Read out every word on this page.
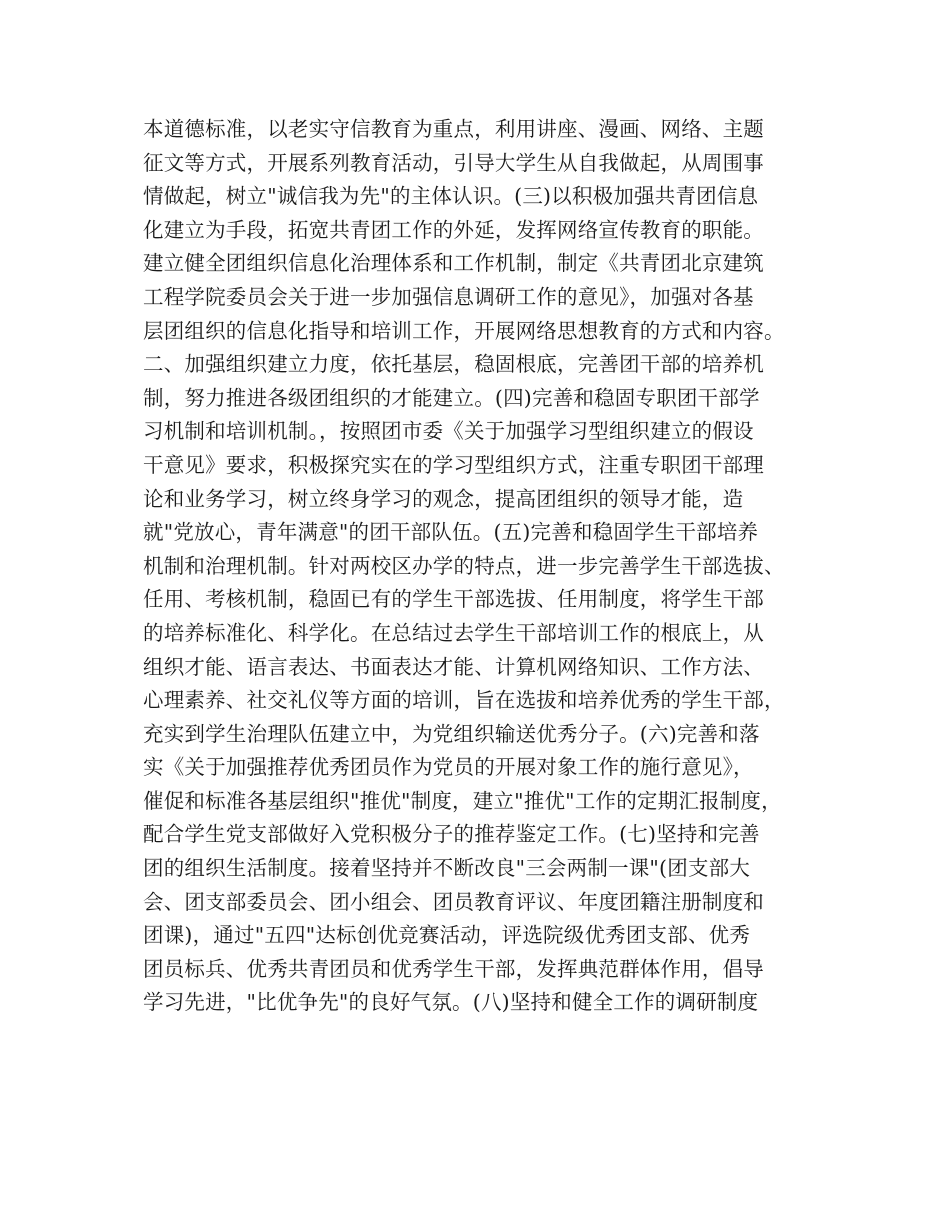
本道德标准，以老实守信教育为重点，利用讲座、漫画、网络、主题
征文等方式，开展系列教育活动，引导大学生从自我做起，从周围事
情做起，树立"诚信我为先"的主体认识。(三)以积极加强共青团信息
化建立为手段，拓宽共青团工作的外延，发挥网络宣传教育的职能。
建立健全团组织信息化治理体系和工作机制，制定《共青团北京建筑
工程学院委员会关于进一步加强信息调研工作的意见》，加强对各基
层团组织的信息化指导和培训工作，开展网络思想教育的方式和内容。
二、加强组织建立力度，依托基层，稳固根底，完善团干部的培养机
制，努力推进各级团组织的才能建立。(四)完善和稳固专职团干部学
习机制和培训机制。，按照团市委《关于加强学习型组织建立的假设
干意见》要求，积极探究实在的学习型组织方式，注重专职团干部理
论和业务学习，树立终身学习的观念，提高团组织的领导才能，造
就"党放心，青年满意"的团干部队伍。(五)完善和稳固学生干部培养
机制和治理机制。针对两校区办学的特点，进一步完善学生干部选拔、
任用、考核机制，稳固已有的学生干部选拔、任用制度，将学生干部
的培养标准化、科学化。在总结过去学生干部培训工作的根底上，从
组织才能、语言表达、书面表达才能、计算机网络知识、工作方法、
心理素养、社交礼仪等方面的培训，旨在选拔和培养优秀的学生干部，
充实到学生治理队伍建立中，为党组织输送优秀分子。(六)完善和落
实《关于加强推荐优秀团员作为党员的开展对象工作的施行意见》，
催促和标准各基层组织"推优"制度，建立"推优"工作的定期汇报制度，
配合学生党支部做好入党积极分子的推荐鉴定工作。(七)坚持和完善
团的组织生活制度。接着坚持并不断改良"三会两制一课"(团支部大
会、团支部委员会、团小组会、团员教育评议、年度团籍注册制度和
团课)，通过"五四"达标创优竞赛活动，评选院级优秀团支部、优秀
团员标兵、优秀共青团员和优秀学生干部，发挥典范群体作用，倡导
学习先进，"比优争先"的良好气氛。(八)坚持和健全工作的调研制度
